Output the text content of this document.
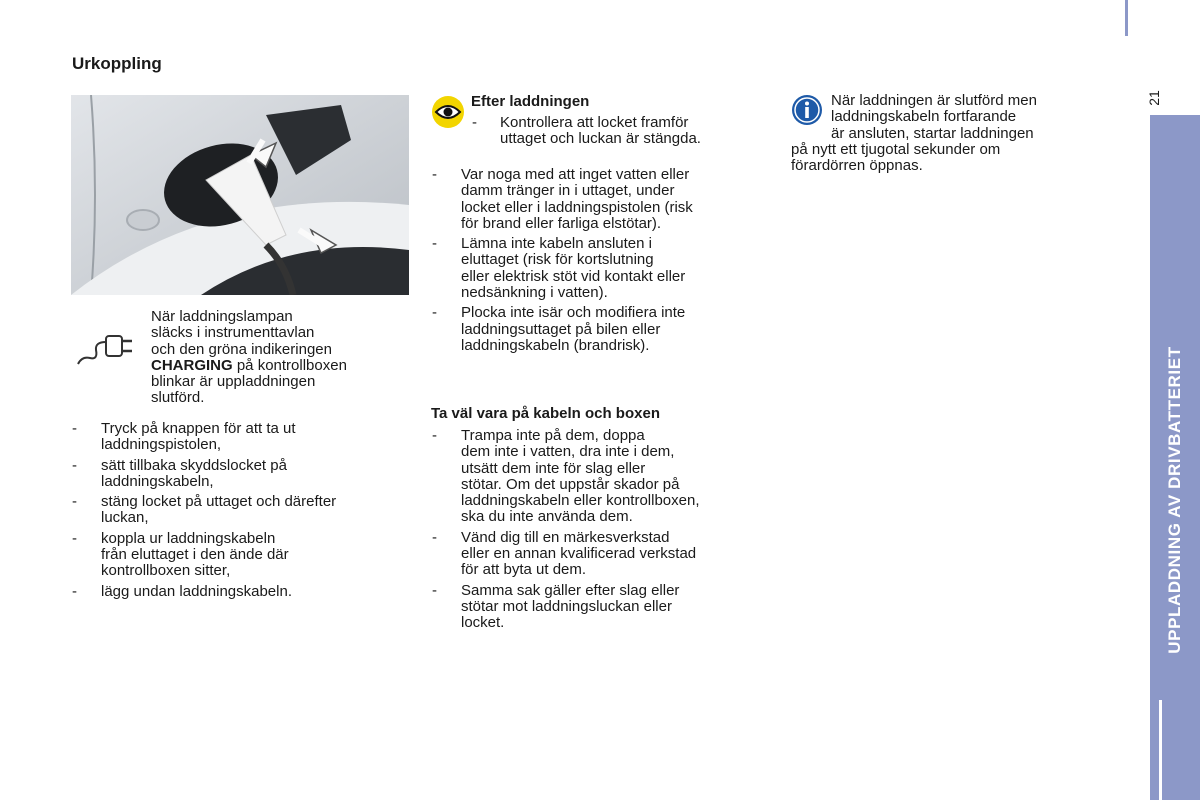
Urkoppling
När laddningslampan
släcks i instrumenttavlan
och den gröna indikeringen
CHARGING på kontrollboxen
blinkar är uppladdningen
slutförd.
- Tryck på knappen för att ta ut
laddningspistolen,
- sätt tillbaka skyddslocket på
laddningskabeln,
- stäng locket på uttaget och därefter
luckan,
- koppla ur laddningskabeln
från eluttaget i den ände där
kontrollboxen sitter,
- lägg undan laddningskabeln.
Efter laddningen
- Kontrollera att locket framför
uttaget och luckan är stängda.
- Var noga med att inget vatten eller
damm tränger in i uttaget, under
locket eller i laddningspistolen (risk
för brand eller farliga elstötar).
- Lämna inte kabeln ansluten i
eluttaget (risk för kortslutning
eller elektrisk stöt vid kontakt eller
nedsänkning i vatten).
- Plocka inte isär och modifiera inte
laddningsuttaget på bilen eller
laddningskabeln (brandrisk).
Ta väl vara på kabeln och boxen
- Trampa inte på dem, doppa
dem inte i vatten, dra inte i dem,
utsätt dem inte för slag eller
stötar. Om det uppstår skador på
laddningskabeln eller kontrollboxen,
ska du inte använda dem.
- Vänd dig till en märkesverkstad
eller en annan kvalificerad verkstad
för att byta ut dem.
- Samma sak gäller efter slag eller
stötar mot laddningsluckan eller
locket.
När laddningen är slutförd men
laddningskabeln fortfarande
är ansluten, startar laddningen
på nytt ett tjugotal sekunder om
förardörren öppnas.
21
UPPLADDNING AV DRIVBATTERIET
